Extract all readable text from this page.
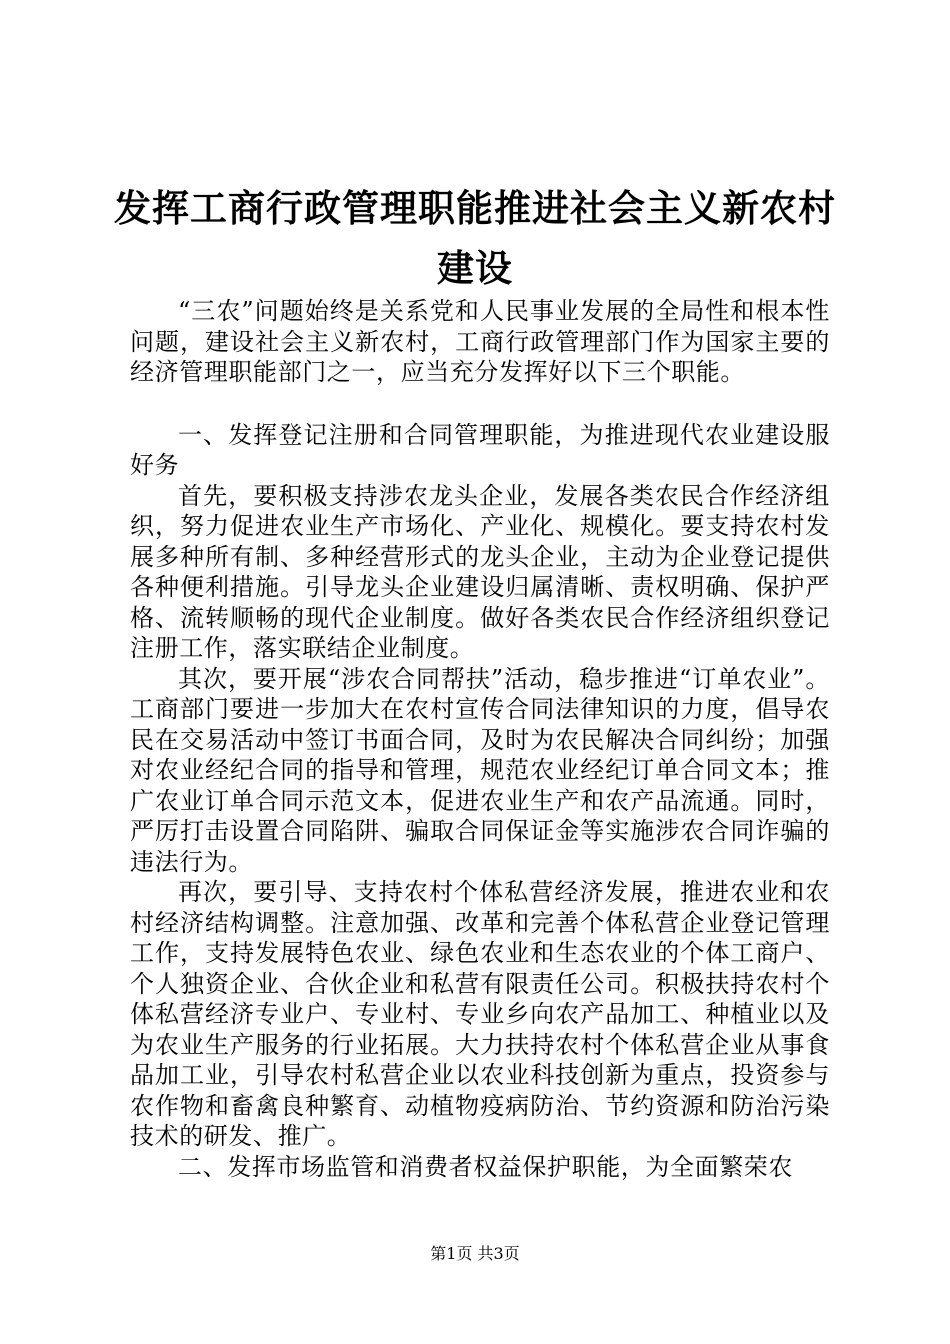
发挥工商行政管理职能推进社会主义新农村建设

“三农”问题始终是关系党和人民事业发展的全局性和根本性问题，建设社会主义新农村，工商行政管理部门作为国家主要的经济管理职能部门之一，应当充分发挥好以下三个职能。

一、发挥登记注册和合同管理职能，为推进现代农业建设服好务

首先，要积极支持涉农龙头企业，发展各类农民合作经济组织，努力促进农业生产市场化、产业化、规模化。要支持农村发展多种所有制、多种经营形式的龙头企业，主动为企业登记提供各种便利措施。引导龙头企业建设归属清晰、责权明确、保护严格、流转顺畅的现代企业制度。做好各类农民合作经济组织登记注册工作，落实联结企业制度。

其次，要开展“涉农合同帮扶”活动，稳步推进“订单农业”。工商部门要进一步加大在农村宣传合同法律知识的力度，倡导农民在交易活动中签订书面合同，及时为农民解决合同纠纷；加强对农业经纪合同的指导和管理，规范农业经纪订单合同文本；推广农业订单合同示范文本，促进农业生产和农产品流通。同时，严厉打击设置合同陷阱、骗取合同保证金等实施涉农合同诈骗的违法行为。

再次，要引导、支持农村个体私营经济发展，推进农业和农村经济结构调整。注意加强、改革和完善个体私营企业登记管理工作，支持发展特色农业、绿色农业和生态农业的个体工商户、个人独资企业、合伙企业和私营有限责任公司。积极扶持农村个体私营经济专业户、专业村、专业乡向农产品加工、种植业以及为农业生产服务的行业拓展。大力扶持农村个体私营企业从事食品加工业，引导农村私营企业以农业科技创新为重点，投资参与农作物和畜禽良种繁育、动植物疫病防治、节约资源和防治污染技术的研发、推广。

二、发挥市场监管和消费者权益保护职能，为全面繁荣农

第1页 共3页
